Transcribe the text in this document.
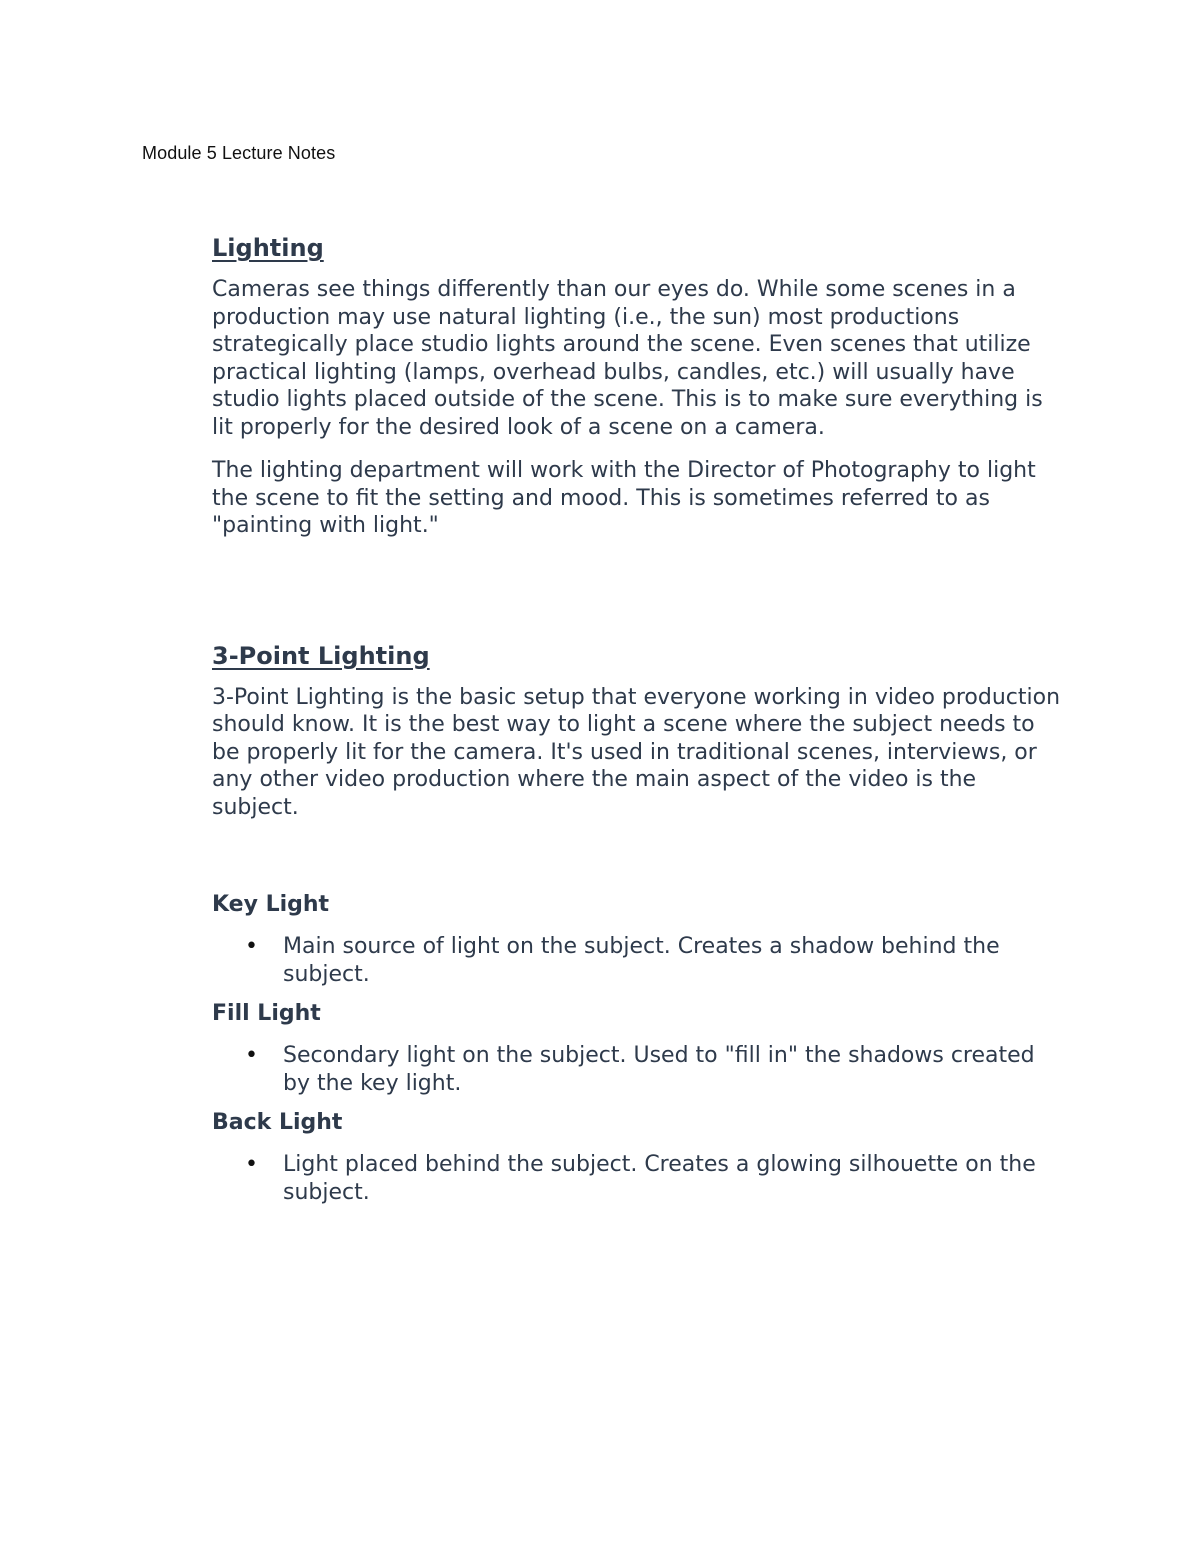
Module 5 Lecture Notes
Lighting

Cameras see things differently than our eyes do. While some scenes in a production may use natural lighting (i.e., the sun) most productions strategically place studio lights around the scene. Even scenes that utilize practical lighting (lamps, overhead bulbs, candles, etc.) will usually have studio lights placed outside of the scene. This is to make sure everything is lit properly for the desired look of a scene on a camera.

The lighting department will work with the Director of Photography to light the scene to fit the setting and mood. This is sometimes referred to as "painting with light."

3-Point Lighting

3-Point Lighting is the basic setup that everyone working in video production should know. It is the best way to light a scene where the subject needs to be properly lit for the camera. It's used in traditional scenes, interviews, or any other video production where the main aspect of the video is the subject.

Key Light
• Main source of light on the subject. Creates a shadow behind the subject.
Fill Light
• Secondary light on the subject. Used to "fill in" the shadows created by the key light.
Back Light
• Light placed behind the subject. Creates a glowing silhouette on the subject.
